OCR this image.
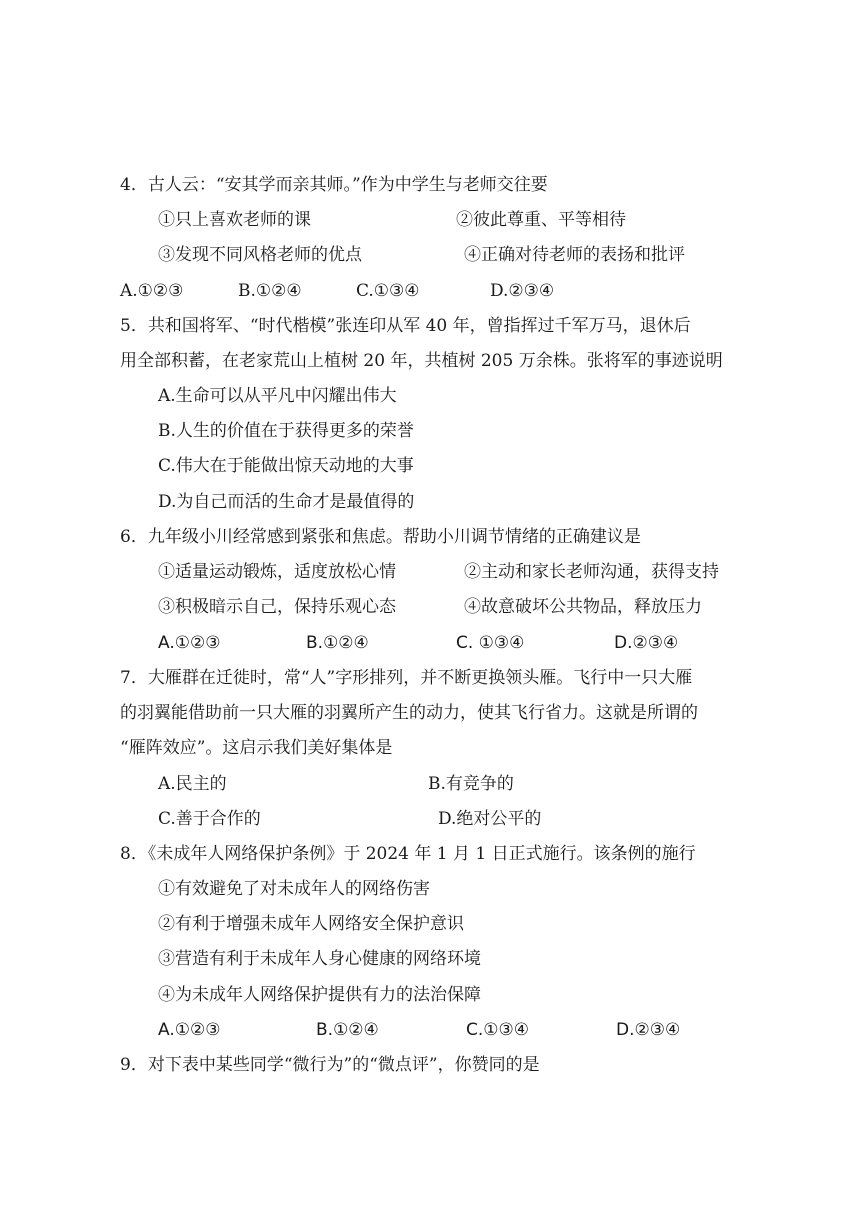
4．古人云：“安其学而亲其师。”作为中学生与老师交往要
①只上喜欢老师的课	②彼此尊重、平等相待
③发现不同风格老师的优点	④正确对待老师的表扬和批评
A.①②③	B.①②④	C.①③④	D.②③④
5．共和国将军、“时代楷模”张连印从军 40 年，曾指挥过千军万马，退休后
用全部积蓄，在老家荒山上植树 20 年，共植树 205 万余株。张将军的事迹说明
A.生命可以从平凡中闪耀出伟大
B.人生的价值在于获得更多的荣誉
C.伟大在于能做出惊天动地的大事
D.为自己而活的生命才是最值得的
6．九年级小川经常感到紧张和焦虑。帮助小川调节情绪的正确建议是
①适量运动锻炼，适度放松心情	②主动和家长老师沟通，获得支持
③积极暗示自己，保持乐观心态	④故意破坏公共物品，释放压力
A.①②③	B.①②④	C. ①③④	D.②③④
7．大雁群在迁徙时，常“人”字形排列，并不断更换领头雁。飞行中一只大雁
的羽翼能借助前一只大雁的羽翼所产生的动力，使其飞行省力。这就是所谓的
“雁阵效应”。这启示我们美好集体是
A.民主的	B.有竞争的
C.善于合作的	D.绝对公平的
8．《未成年人网络保护条例》于 2024 年 1 月 1 日正式施行。该条例的施行
①有效避免了对未成年人的网络伤害
②有利于增强未成年人网络安全保护意识
③营造有利于未成年人身心健康的网络环境
④为未成年人网络保护提供有力的法治保障
A.①②③	B.①②④	C.①③④	D.②③④
9．对下表中某些同学“微行为”的“微点评”，你赞同的是
